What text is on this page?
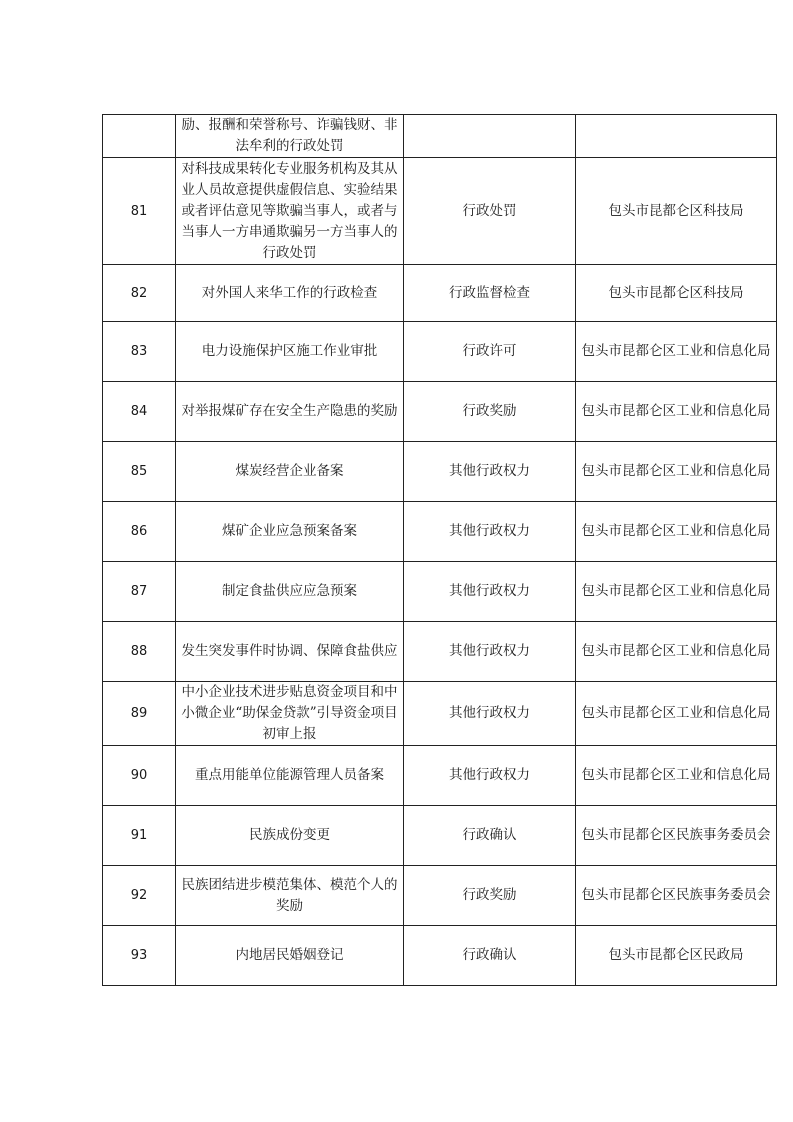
	励、报酬和荣誉称号、诈骗钱财、非法牟利的行政处罚		
81	对科技成果转化专业服务机构及其从业人员故意提供虚假信息、实验结果或者评估意见等欺骗当事人，或者与当事人一方串通欺骗另一方当事人的行政处罚	行政处罚	包头市昆都仑区科技局
82	对外国人来华工作的行政检查	行政监督检查	包头市昆都仑区科技局
83	电力设施保护区施工作业审批	行政许可	包头市昆都仑区工业和信息化局
84	对举报煤矿存在安全生产隐患的奖励	行政奖励	包头市昆都仑区工业和信息化局
85	煤炭经营企业备案	其他行政权力	包头市昆都仑区工业和信息化局
86	煤矿企业应急预案备案	其他行政权力	包头市昆都仑区工业和信息化局
87	制定食盐供应应急预案	其他行政权力	包头市昆都仑区工业和信息化局
88	发生突发事件时协调、保障食盐供应	其他行政权力	包头市昆都仑区工业和信息化局
89	中小企业技术进步贴息资金项目和中小微企业“助保金贷款”引导资金项目初审上报	其他行政权力	包头市昆都仑区工业和信息化局
90	重点用能单位能源管理人员备案	其他行政权力	包头市昆都仑区工业和信息化局
91	民族成份变更	行政确认	包头市昆都仑区民族事务委员会
92	民族团结进步模范集体、模范个人的奖励	行政奖励	包头市昆都仑区民族事务委员会
93	内地居民婚姻登记	行政确认	包头市昆都仑区民政局
